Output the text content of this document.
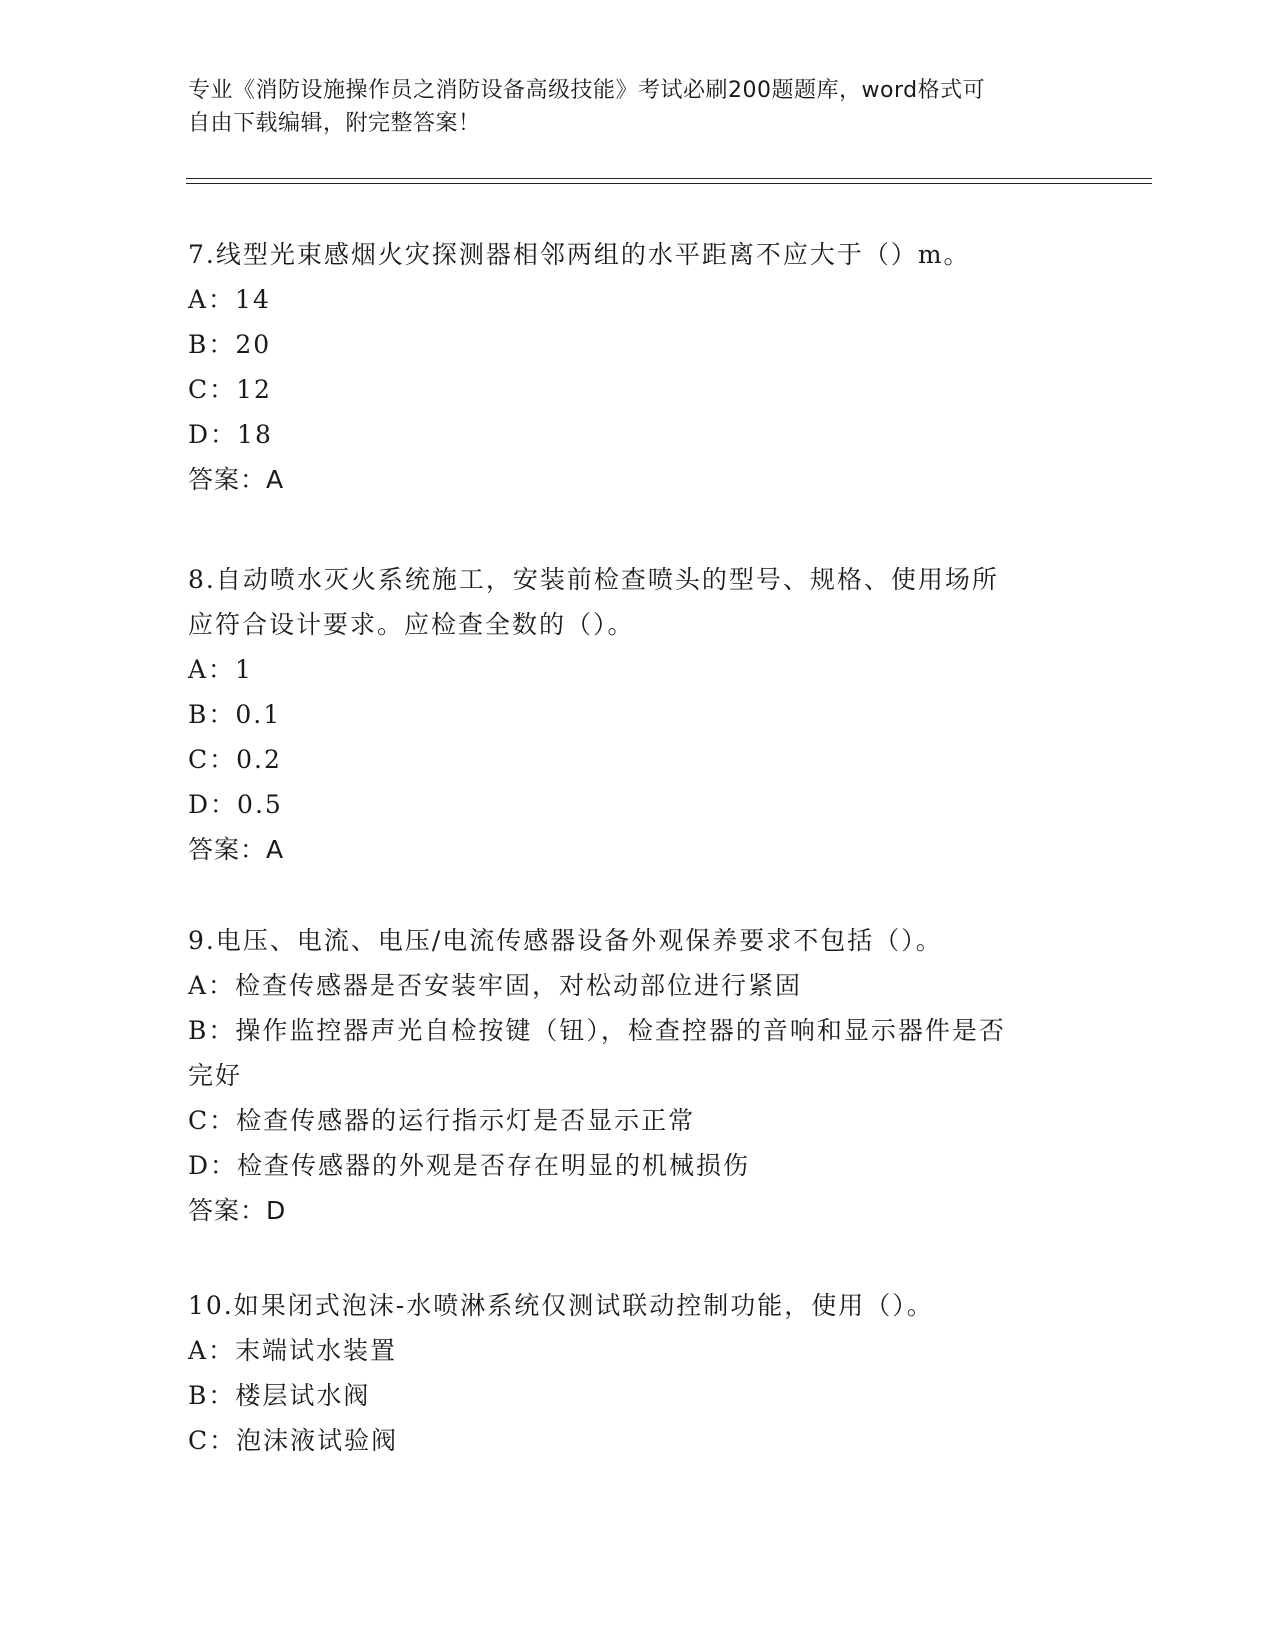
专业《消防设施操作员之消防设备高级技能》考试必刷200题题库，word格式可
自由下载编辑，附完整答案！

7.线型光束感烟火灾探测器相邻两组的水平距离不应大于（）m。

A：14

B：20

C：12

D：18

答案：A

8.自动喷水灭火系统施工，安装前检查喷头的型号、规格、使用场所

应符合设计要求。应检查全数的（）。

A：1

B：0.1

C：0.2

D：0.5

答案：A

9.电压、电流、电压/电流传感器设备外观保养要求不包括（）。

A：检查传感器是否安装牢固，对松动部位进行紧固

B：操作监控器声光自检按键（钮），检查控器的音响和显示器件是否

完好

C：检查传感器的运行指示灯是否显示正常

D：检查传感器的外观是否存在明显的机械损伤

答案：D

10.如果闭式泡沫-水喷淋系统仅测试联动控制功能，使用（）。

A：末端试水装置

B：楼层试水阀

C：泡沫液试验阀
